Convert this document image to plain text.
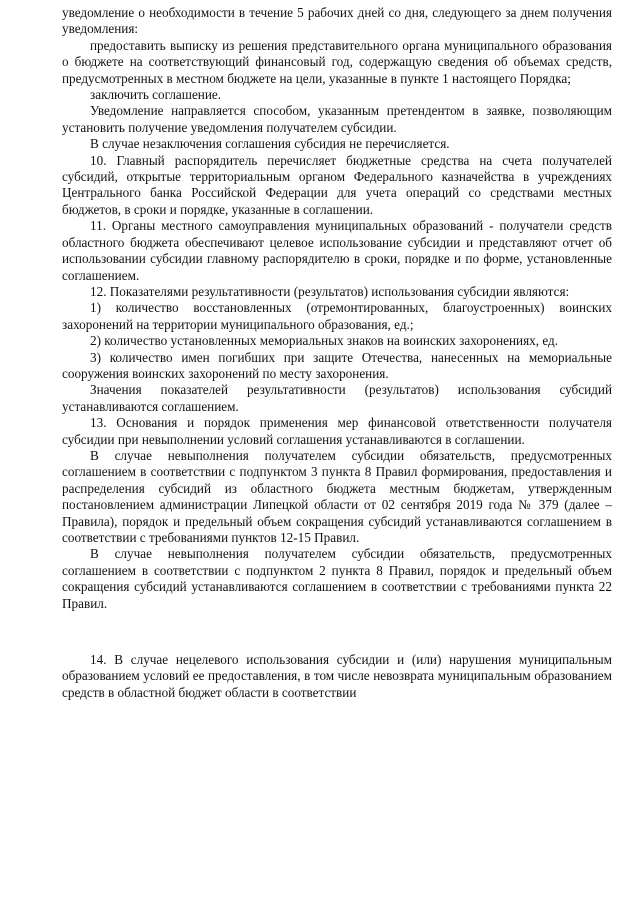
уведомление о необходимости в течение 5 рабочих дней со дня, следующего за днем получения уведомления:

предоставить выписку из решения представительного органа муниципального образования о бюджете на соответствующий финансовый год, содержащую сведения об объемах средств, предусмотренных в местном бюджете на цели, указанные в пункте 1 настоящего Порядка;

заключить соглашение.

Уведомление направляется способом, указанным претендентом в заявке, позволяющим установить получение уведомления получателем субсидии.

В случае незаключения соглашения субсидия не перечисляется.

10. Главный распорядитель перечисляет бюджетные средства на счета получателей субсидий, открытые территориальным органом Федерального казначейства в учреждениях Центрального банка Российской Федерации для учета операций со средствами местных бюджетов, в сроки и порядке, указанные в соглашении.

11. Органы местного самоуправления муниципальных образований - получатели средств областного бюджета обеспечивают целевое использование субсидии и представляют отчет об использовании субсидии главному распорядителю в сроки, порядке и по форме, установленные соглашением.

12. Показателями результативности (результатов) использования субсидии являются:

1) количество восстановленных (отремонтированных, благоустроенных) воинских захоронений на территории муниципального образования, ед.;

2) количество установленных мемориальных знаков на воинских захоронениях, ед.

3) количество имен погибших при защите Отечества, нанесенных на мемориальные сооружения воинских захоронений по месту захоронения.

Значения показателей результативности (результатов) использования субсидий устанавливаются соглашением.

13. Основания и порядок применения мер финансовой ответственности получателя субсидии при невыполнении условий соглашения устанавливаются в соглашении.

В случае невыполнения получателем субсидии обязательств, предусмотренных соглашением в соответствии с подпунктом 3 пункта 8 Правил формирования, предоставления и распределения субсидий из областного бюджета местным бюджетам, утвержденным постановлением администрации Липецкой области от 02 сентября 2019 года № 379 (далее – Правила), порядок и предельный объем сокращения субсидий устанавливаются соглашением в соответствии с требованиями пунктов 12-15 Правил.

В случае невыполнения получателем субсидии обязательств, предусмотренных соглашением в соответствии с подпунктом 2 пункта 8 Правил, порядок и предельный объем сокращения субсидий устанавливаются соглашением в соответствии с требованиями пункта 22 Правил.

14. В случае нецелевого использования субсидии и (или) нарушения муниципальным образованием условий ее предоставления, в том числе невозврата муниципальным образованием средств в областной бюджет области в соответствии
